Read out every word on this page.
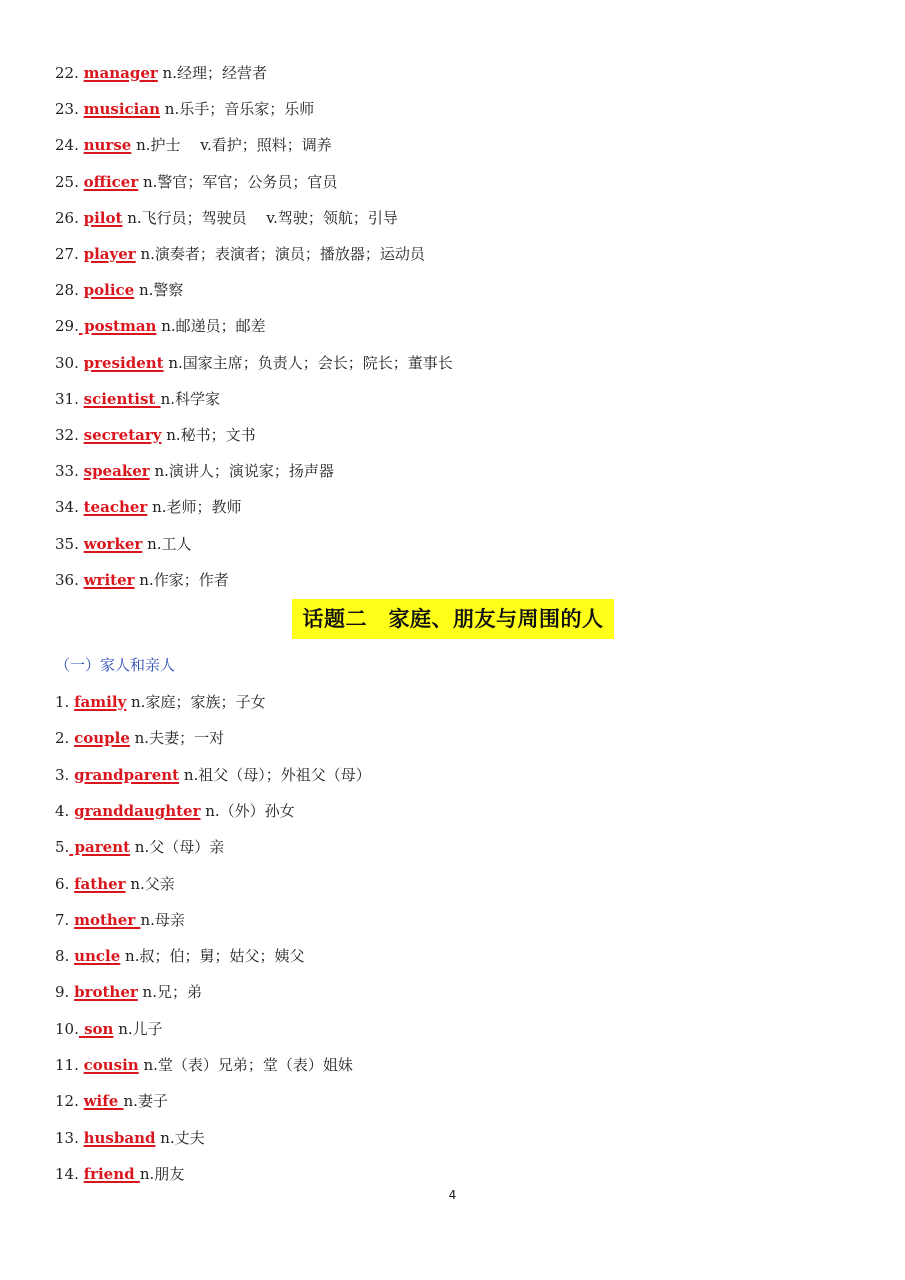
22. manager n.经理；经营者
23. musician n.乐手；音乐家；乐师
24. nurse n.护士　 v.看护；照料；调养
25. officer n.警官；军官；公务员；官员
26. pilot n.飞行员；驾驶员　 v.驾驶；领航；引导
27. player n.演奏者；表演者；演员；播放器；运动员
28. police n.警察
29. postman n.邮递员；邮差
30. president n.国家主席；负责人；会长；院长；董事长
31. scientist n.科学家
32. secretary n.秘书；文书
33. speaker n.演讲人；演说家；扬声器
34. teacher n.老师；教师
35. worker n.工人
36. writer n.作家；作者
话题二　家庭、朋友与周围的人
（一）家人和亲人
1. family n.家庭；家族；子女
2. couple n.夫妻；一对
3. grandparent n.祖父（母）；外祖父（母）
4. granddaughter n.（外）孙女
5. parent n.父（母）亲
6. father n.父亲
7. mother n.母亲
8. uncle n.叔；伯；舅；姑父；姨父
9. brother n.兄；弟
10. son n.儿子
11. cousin n.堂（表）兄弟；堂（表）姐妹
12. wife n.妻子
13. husband n.丈夫
14. friend n.朋友
4
